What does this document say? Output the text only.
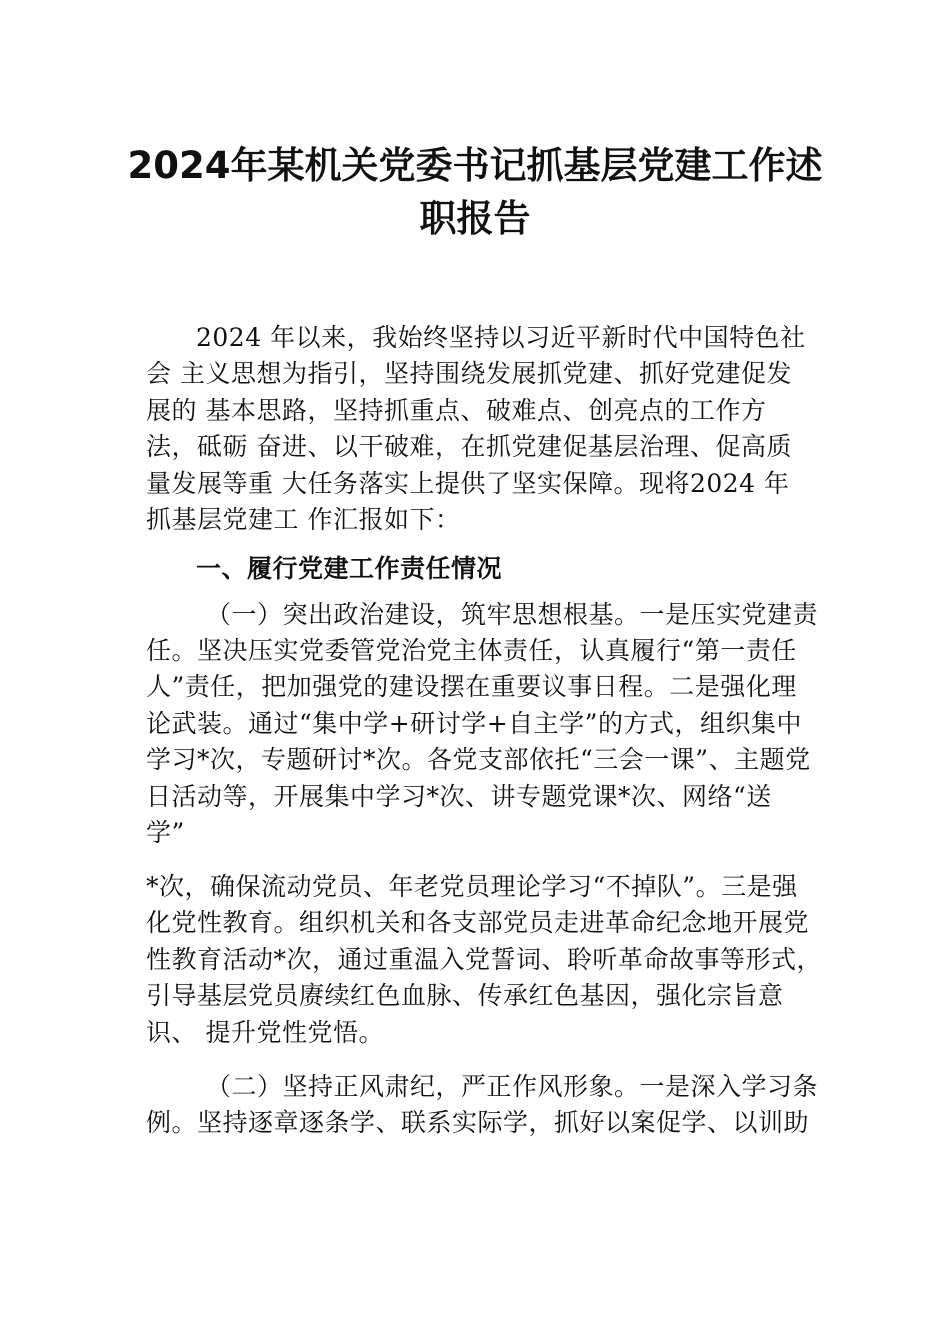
2024年某机关党委书记抓基层党建工作述
职报告
2024 年以来，我始终坚持以习近平新时代中国特色社
会 主义思想为指引，坚持围绕发展抓党建、抓好党建促发
展的 基本思路，坚持抓重点、破难点、创亮点的工作方
法，砥砺 奋进、以干破难，在抓党建促基层治理、促高质
量发展等重 大任务落实上提供了坚实保障。现将2024 年
抓基层党建工 作汇报如下：
一、履行党建工作责任情况
（一）突出政治建设，筑牢思想根基。一是压实党建责
任。坚决压实党委管党治党主体责任，认真履行“第一责任
人”责任，把加强党的建设摆在重要议事日程。二是强化理
论武装。通过“集中学+研讨学+自主学”的方式，组织集中
学习*次，专题研讨*次。各党支部依托“三会一课”、主题党
日活动等，开展集中学习*次、讲专题党课*次、网络“送
学”
*次，确保流动党员、年老党员理论学习“不掉队”。三是强
化党性教育。组织机关和各支部党员走进革命纪念地开展党
性教育活动*次，通过重温入党誓词、聆听革命故事等形式，
引导基层党员赓续红色血脉、传承红色基因，强化宗旨意
识、 提升党性党悟。
（二）坚持正风肃纪，严正作风形象。一是深入学习条
例。坚持逐章逐条学、联系实际学，抓好以案促学、以训助
